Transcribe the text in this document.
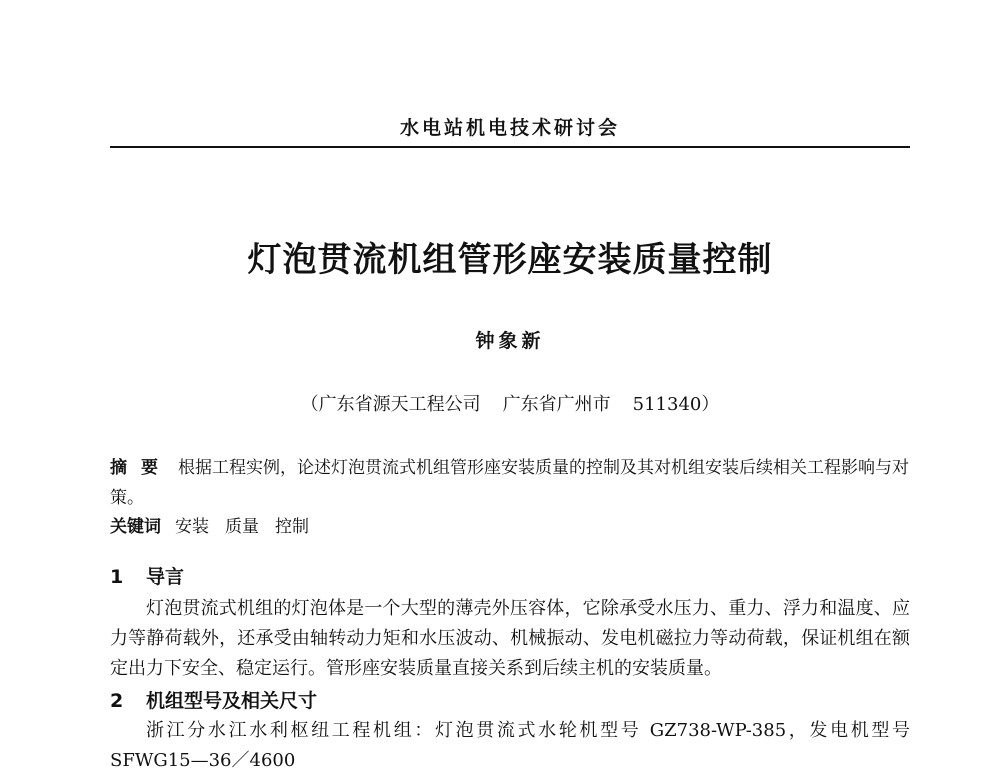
水电站机电技术研讨会
灯泡贯流机组管形座安装质量控制
钟象新
（广东省源天工程公司 广东省广州市 511340）
摘要 根据工程实例，论述灯泡贯流式机组管形座安装质量的控制及其对机组安装后续相关工程影响与对策。
关键词 安装 质量 控制
1 导言
灯泡贯流式机组的灯泡体是一个大型的薄壳外压容体，它除承受水压力、重力、浮力和温度、应力等静荷载外，还承受由轴转动力矩和水压波动、机械振动、发电机磁拉力等动荷载，保证机组在额定出力下安全、稳定运行。管形座安装质量直接关系到后续主机的安装质量。
2 机组型号及相关尺寸
浙江分水江水利枢纽工程机组：灯泡贯流式水轮机型号 GZ738-WP-385，发电机型号 SFWG15—36／4600
